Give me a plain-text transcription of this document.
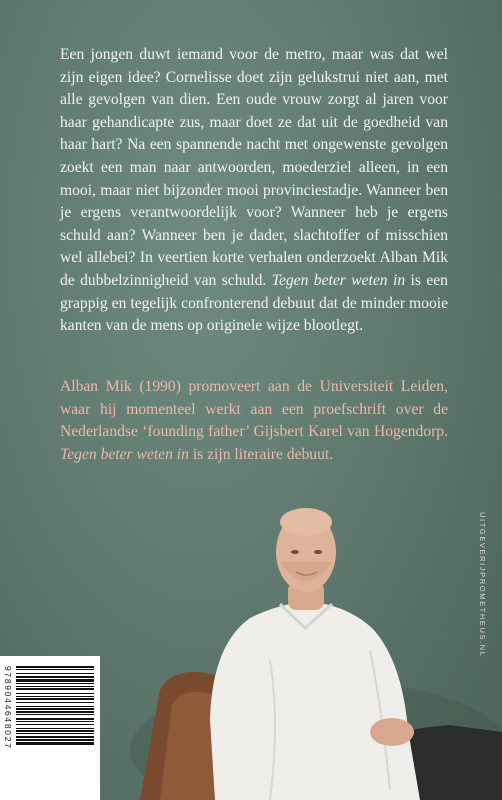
Een jongen duwt iemand voor de metro, maar was dat wel zijn eigen idee? Cornelisse doet zijn gelukstrui niet aan, met alle gevolgen van dien. Een oude vrouw zorgt al jaren voor haar gehandicapte zus, maar doet ze dat uit de goedheid van haar hart? Na een spannende nacht met ongewenste gevolgen zoekt een man naar antwoorden, moederziel alleen, in een mooi, maar niet bijzonder mooi provinciestadje. Wanneer ben je ergens verantwoordelijk voor? Wanneer heb je ergens schuld aan? Wanneer ben je dader, slachtoffer of misschien wel allebei? In veertien korte verhalen onderzoekt Alban Mik de dubbelzinnigheid van schuld. Tegen beter weten in is een grappig en tegelijk confronterend debuut dat de minder mooie kanten van de mens op originele wijze blootlegt.

Alban Mik (1990) promoveert aan de Universiteit Leiden, waar hij momenteel werkt aan een proefschrift over de Nederlandse ‘founding father’ Gijsbert Karel van Hogendorp. Tegen beter weten in is zijn literaire debuut.

UITGEVERIJPROMETHEUS.NL
9789044648027
